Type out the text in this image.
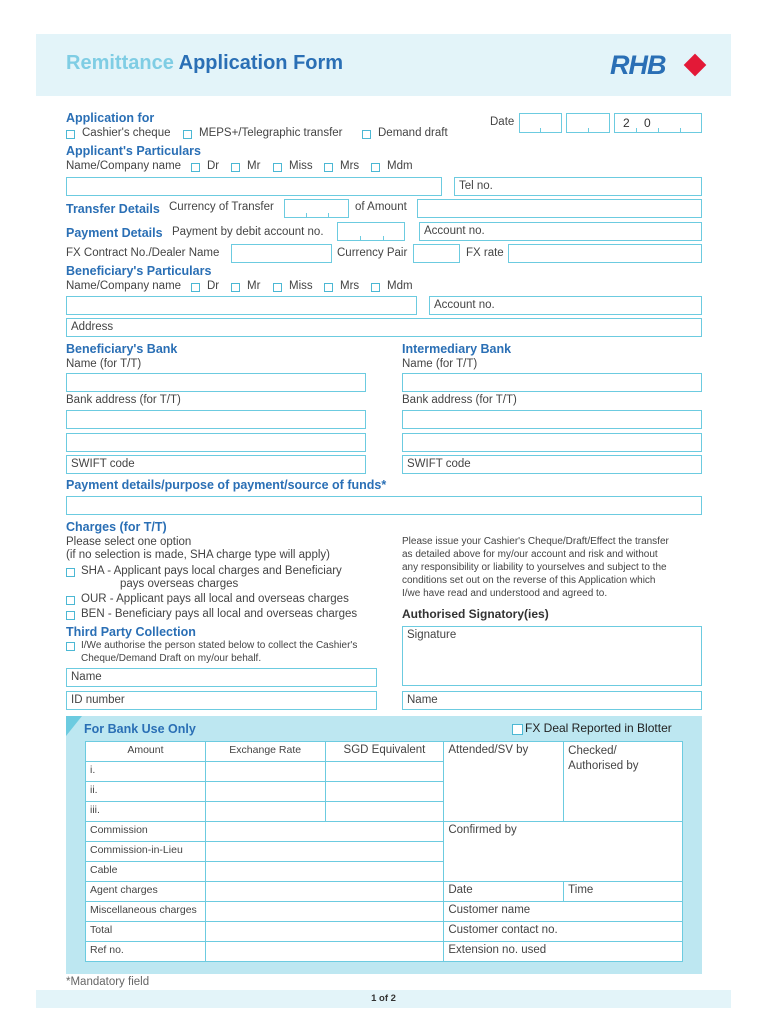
Remittance Application Form	RHB
Application for
Cashier's cheque MEPS+/Telegraphic transfer	Demand draft
Date	2 0
Applicant's Particulars
Name/Company name Dr Mr Miss Mrs Mdm
Tel no.
Transfer Details Currency of Transfer	of Amount
Payment Details Payment by debit account no.	Account no.
FX Contract No./Dealer Name	Currency Pair	FX rate
Beneficiary's Particulars
Name/Company name Dr Mr Miss Mrs Mdm
Account no.
Address
Beneficiary's Bank
Name (for T/T)
Bank address (for T/T)
SWIFT code
Intermediary Bank
Name (for T/T)
Bank address (for T/T)
SWIFT code
Payment details/purpose of payment/source of funds*
Charges (for T/T)
Please select one option
(if no selection is made, SHA charge type will apply)
SHA - Applicant pays local charges and Beneficiary
pays overseas charges
OUR - Applicant pays all local and overseas charges
BEN - Beneficiary pays all local and overseas charges
Please issue your Cashier's Cheque/Draft/Effect the transfer
as detailed above for my/our account and risk and without
any responsibility or liability to yourselves and subject to the
conditions set out on the reverse of this Application which
I/we have read and understood and agreed to.
Authorised Signatory(ies)
Signature
Name
Third Party Collection
I/We authorise the person stated below to collect the Cashier's
Cheque/Demand Draft on my/our behalf.
Name
ID number
For Bank Use Only	FX Deal Reported in Blotter
Amount	Exchange Rate	SGD Equivalent	Attended/SV by	Checked/
Authorised by

i.				
ii.				
iii.				
Commission			Confirmed by	
Commission-in-Lieu				
Cable				
Agent charges			Date	Time
Miscellaneous charges			Customer name	
Total			Customer contact no.	
Ref no.			Extension no. used	
*Mandatory field
1 of 2
